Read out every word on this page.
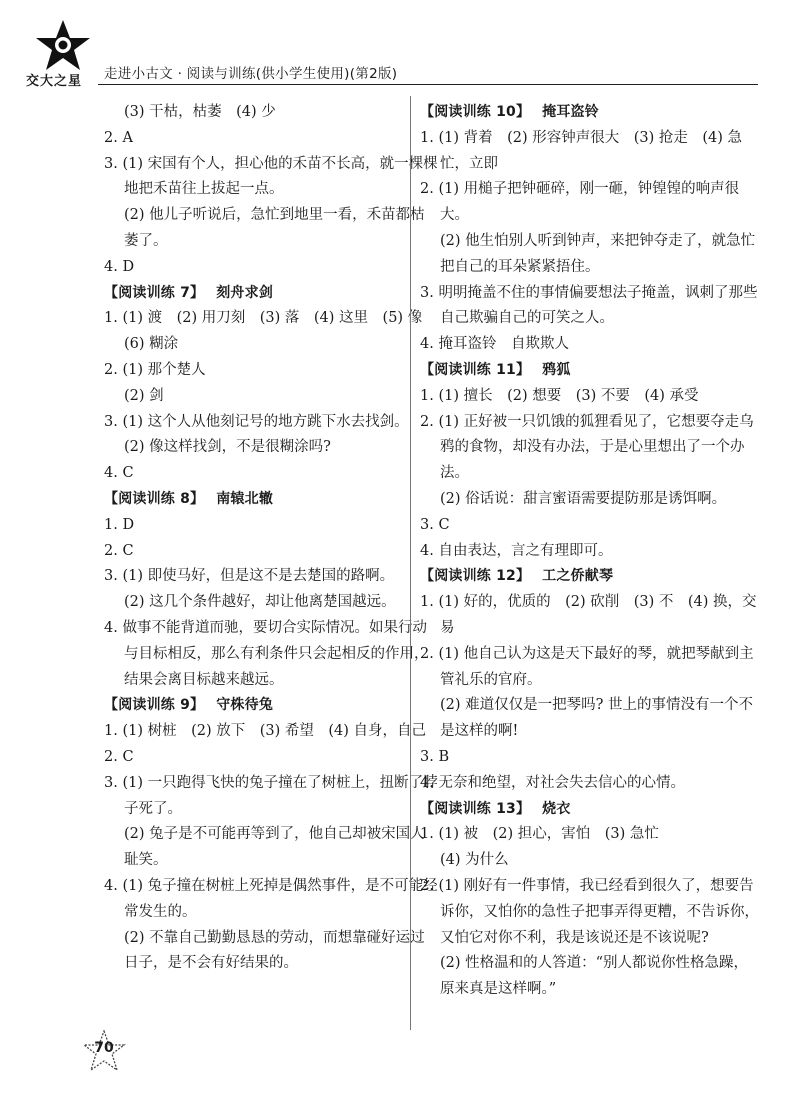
交大之星 走进小古文 · 阅读与训练(供小学生使用)(第2版)
(3) 干枯，枯萎　(4) 少
2. A
3. (1) 宋国有个人，担心他的禾苗不长高，就一棵棵地把禾苗往上拔起一点。
(2) 他儿子听说后，急忙到地里一看，禾苗都枯萎了。
4. D
【阅读训练 7】 刻舟求剑
1. (1) 渡　(2) 用刀刻　(3) 落　(4) 这里　(5) 像　(6) 糊涂
2. (1) 那个楚人
(2) 剑
3. (1) 这个人从他刻记号的地方跳下水去找剑。
(2) 像这样找剑，不是很糊涂吗?
4. C
【阅读训练 8】 南辕北辙
1. D
2. C
3. (1) 即使马好，但是这不是去楚国的路啊。
(2) 这几个条件越好，却让他离楚国越远。
4. 做事不能背道而驰，要切合实际情况。如果行动与目标相反，那么有利条件只会起相反的作用，结果会离目标越来越远。
【阅读训练 9】 守株待兔
1. (1) 树桩　(2) 放下　(3) 希望　(4) 自身，自己
2. C
3. (1) 一只跑得飞快的兔子撞在了树桩上，扭断了脖子死了。
(2) 兔子是不可能再等到了，他自己却被宋国人耻笑。
4. (1) 兔子撞在树桩上死掉是偶然事件，是不可能经常发生的。
(2) 不靠自己勤勤恳恳的劳动，而想靠碰好运过日子，是不会有好结果的。
【阅读训练 10】 掩耳盗铃
1. (1) 背着　(2) 形容钟声很大　(3) 抢走　(4) 急忙，立即
2. (1) 用槌子把钟砸碎，刚一砸，钟锽锽的响声很大。
(2) 他生怕别人听到钟声，来把钟夺走了，就急忙把自己的耳朵紧紧捂住。
3. 明明掩盖不住的事情偏要想法子掩盖，讽刺了那些自己欺骗自己的可笑之人。
4. 掩耳盗铃　自欺欺人
【阅读训练 11】 鸦狐
1. (1) 擅长　(2) 想要　(3) 不要　(4) 承受
2. (1) 正好被一只饥饿的狐狸看见了，它想要夺走乌鸦的食物，却没有办法，于是心里想出了一个办法。
(2) 俗话说：甜言蜜语需要提防那是诱饵啊。
3. C
4. 自由表达，言之有理即可。
【阅读训练 12】 工之侨献琴
1. (1) 好的，优质的　(2) 砍削　(3) 不　(4) 换，交易
2. (1) 他自己认为这是天下最好的琴，就把琴献到主管礼乐的官府。
(2) 难道仅仅是一把琴吗? 世上的事情没有一个不是这样的啊!
3. B
4. 无奈和绝望，对社会失去信心的心情。
【阅读训练 13】 烧衣
1. (1) 被　(2) 担心，害怕　(3) 急忙
(4) 为什么
2. (1) 刚好有一件事情，我已经看到很久了，想要告诉你，又怕你的急性子把事弄得更糟，不告诉你，又怕它对你不利，我是该说还是不该说呢?
(2) 性格温和的人答道：“别人都说你性格急躁，原来真是这样啊。”
70
